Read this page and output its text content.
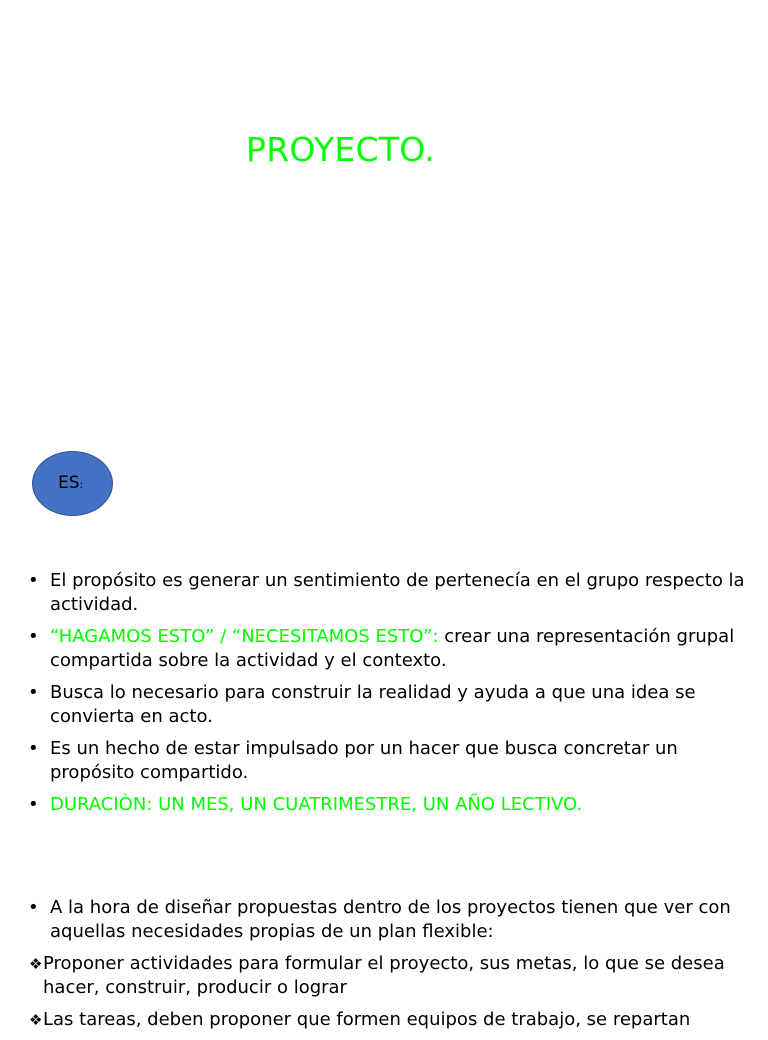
PROYECTO.
ES:
• El propósito es generar un sentimiento de pertenecía en el grupo respecto la actividad.
• “HAGAMOS ESTO” / “NECESITAMOS ESTO”: crear una representación grupal compartida sobre la actividad y el contexto.
• Busca lo necesario para construir la realidad y ayuda a que una idea se convierta en acto.
• Es un hecho de estar impulsado por un hacer que busca concretar un propósito compartido.
• DURACIÒN: UN MES, UN CUATRIMESTRE, UN AÑO LECTIVO.
• A la hora de diseñar propuestas dentro de los proyectos tienen que ver con aquellas necesidades propias de un plan flexible:
❖ Proponer actividades para formular el proyecto, sus metas, lo que se desea hacer, construir, producir o lograr
❖ Las tareas, deben proponer que formen equipos de trabajo, se repartan
